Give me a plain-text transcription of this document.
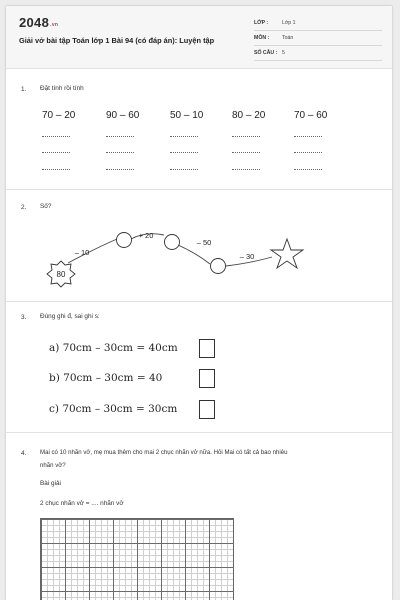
$2048^{.vn}$
Giải vở bài tập Toán lớp 1 Bài 94 (có đáp án): Luyện tập
LỚP :	Lớp 1
MÔN : Toán
SỐ CÂU : 5
1. Đặt tính rồi tính
70 – 20	90 – 60	50 – 10	80 – 20	70 – 60
2. Số?
80
– 10
+ 20
– 50
– 30
3. Đúng ghi đ, sai ghi s:
a) 70cm – 30cm = 40cm
b) 70cm – 30cm = 40
c) 70cm – 30cm = 30cm
4. Mai có 10 nhãn vở, mẹ mua thêm cho mai 2 chục nhãn vở nữa. Hỏi Mai có tất cả bao nhiêu
nhãn vở?
Bài giải
2 chục nhãn vở = .... nhãn vở
